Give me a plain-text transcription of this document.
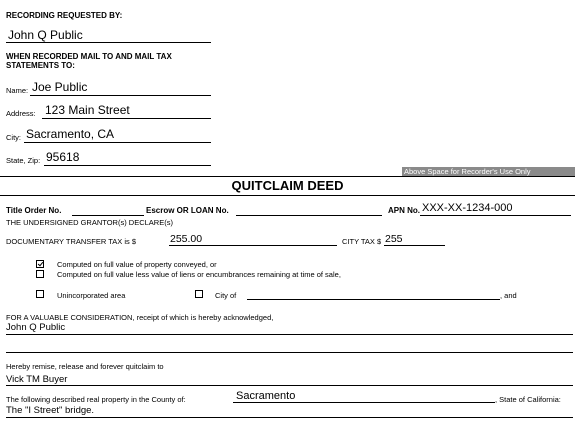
RECORDING REQUESTED BY:
John Q Public
WHEN RECORDED MAIL TO AND MAIL TAX
STATEMENTS TO:
Name: Joe Public
Address: 123 Main Street
City: Sacramento, CA
State, Zip: 95618
Above Space for Recorder's Use Only
QUITCLAIM DEED
Title Order No.	Escrow OR LOAN No.	APN No. XXX-XX-1234-000
THE UNDERSIGNED GRANTOR(s) DECLARE(s)
DOCUMENTARY TRANSFER TAX is $	255.00	CITY TAX $ 255
Computed on full value of property conveyed, or
Computed on full value less value of liens or encumbrances remaining at time of sale,
Unincorporated area	City of	, and
FOR A VALUABLE CONSIDERATION, receipt of which is hereby acknowledged,
John Q Public
Hereby remise, release and forever quitclaim to
Vick TM Buyer
The following described real property in the County of:	Sacramento	, State of California:
The "I Street" bridge.
